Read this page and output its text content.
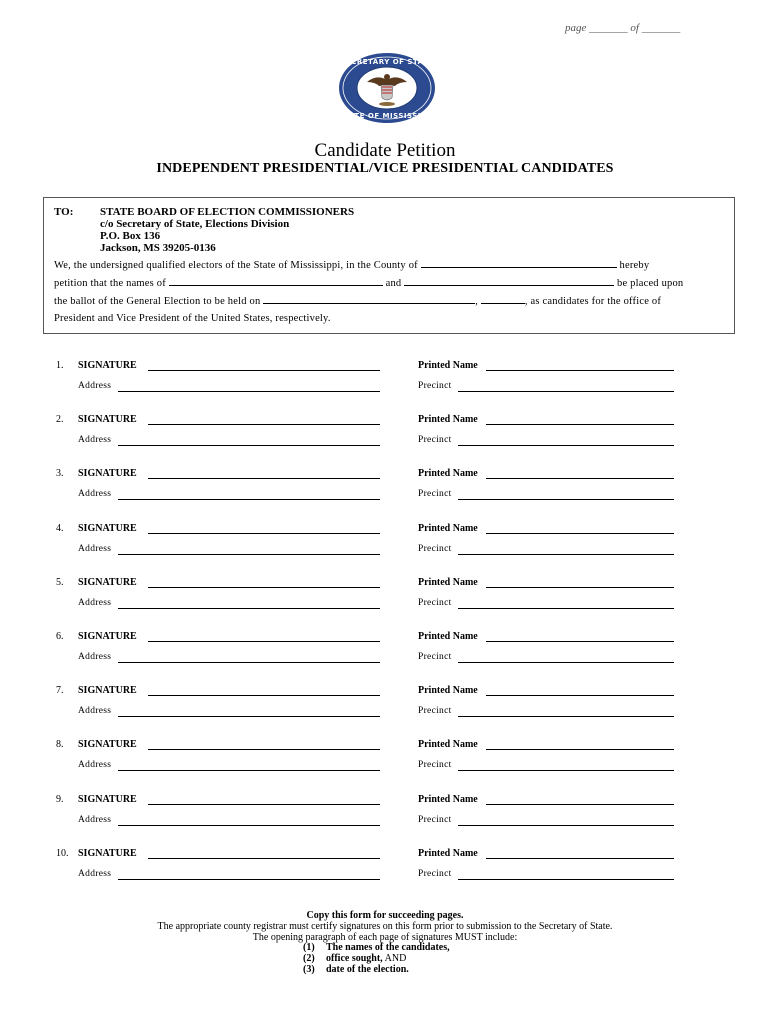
page _______ of _______
SECRETARY OF STATE
STATE OF MISSISSIPPI
Candidate Petition
INDEPENDENT PRESIDENTIAL/VICE PRESIDENTIAL CANDIDATES
TO: STATE BOARD OF ELECTION COMMISSIONERS
c/o Secretary of State, Elections Division
P.O. Box 136
Jackson, MS 39205-0136
We, the undersigned qualified electors of the State of Mississippi, in the County of	hereby
petition that the names of	and	be placed upon
the ballot of the General Election to be held on	,	, as candidates for the office of
President and Vice President of the United States, respectively.
1. SIGNATURE	Printed Name
Address	Precinct
2. SIGNATURE	Printed Name
Address	Precinct
3. SIGNATURE	Printed Name
Address	Precinct
4. SIGNATURE	Printed Name
Address	Precinct
5. SIGNATURE	Printed Name
Address	Precinct
6. SIGNATURE	Printed Name
Address	Precinct
7. SIGNATURE	Printed Name
Address	Precinct
8. SIGNATURE	Printed Name
Address	Precinct
9. SIGNATURE	Printed Name
Address	Precinct
10. SIGNATURE	Printed Name
Address	Precinct
Copy this form for succeeding pages.
The appropriate county registrar must certify signatures on this form prior to submission to the Secretary of State.
The opening paragraph of each page of signatures MUST include:
(1) The names of the candidates,
(2) office sought, AND
(3) date of the election.
